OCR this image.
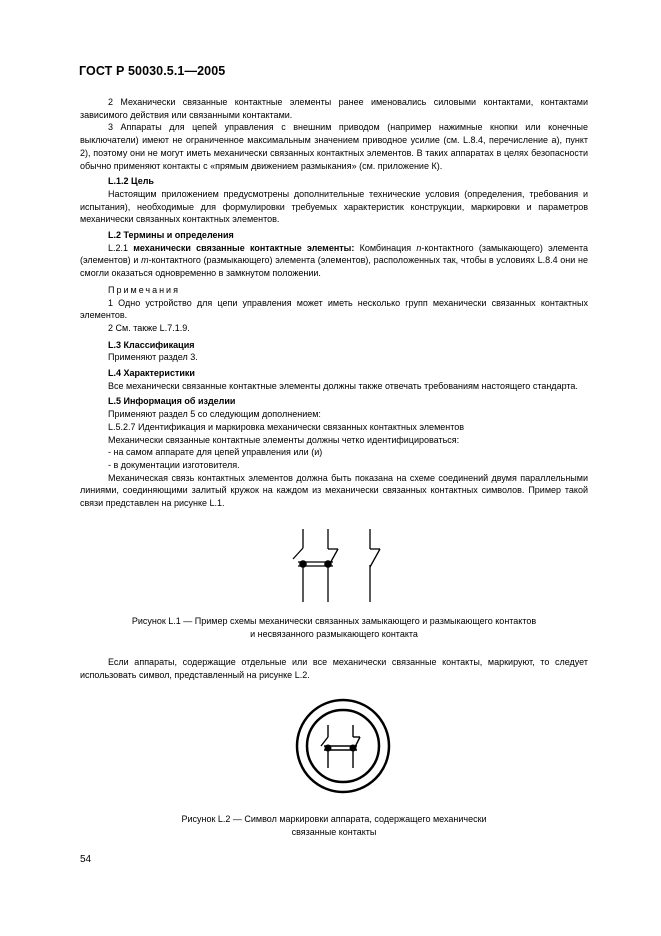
ГОСТ Р 50030.5.1—2005

2 Механически связанные контактные элементы ранее именовались силовыми контактами, контактами зависимого действия или связанными контактами.

3 Аппараты для цепей управления с внешним приводом (например нажимные кнопки или конечные выключатели) имеют не ограниченное максимальным значением приводное усилие (см. L.8.4, перечисление а), пункт 2), поэтому они не могут иметь механически связанных контактных элементов. В таких аппаратах в целях безопасности обычно применяют контакты с «прямым движением размыкания» (см. приложение К).

L.1.2 Цель

Настоящим приложением предусмотрены дополнительные технические условия (определения, требования и испытания), необходимые для формулировки требуемых характеристик конструкции, маркировки и параметров механически связанных контактных элементов.

L.2 Термины и определения

L.2.1 механически связанные контактные элементы: Комбинация n-контактного (замыкающего) элемента (элементов) и m-контактного (размыкающего) элемента (элементов), расположенных так, чтобы в условиях L.8.4 они не смогли оказаться одновременно в замкнутом положении.

Примечания

1 Одно устройство для цепи управления может иметь несколько групп механически связанных контактных элементов.

2 См. также L.7.1.9.

L.3 Классификация

Применяют раздел 3.

L.4 Характеристики

Все механически связанные контактные элементы должны также отвечать требованиям настоящего стандарта.

L.5 Информация об изделии

Применяют раздел 5 со следующим дополнением:

L.5.2.7 Идентификация и маркировка механически связанных контактных элементов

Механически связанные контактные элементы должны четко идентифицироваться:

- на самом аппарате для цепей управления или (и)

- в документации изготовителя.

Механическая связь контактных элементов должна быть показана на схеме соединений двумя параллельными линиями, соединяющими залитый кружок на каждом из механически связанных контактных символов. Пример такой связи представлен на рисунке L.1.

Рисунок L.1 — Пример схемы механически связанных замыкающего и размыкающего контактов

и несвязанного размыкающего контакта

Если аппараты, содержащие отдельные или все механически связанные контакты, маркируют, то следует использовать символ, представленный на рисунке L.2.

Рисунок L.2 — Символ маркировки аппарата, содержащего механически

связанные контакты

54
